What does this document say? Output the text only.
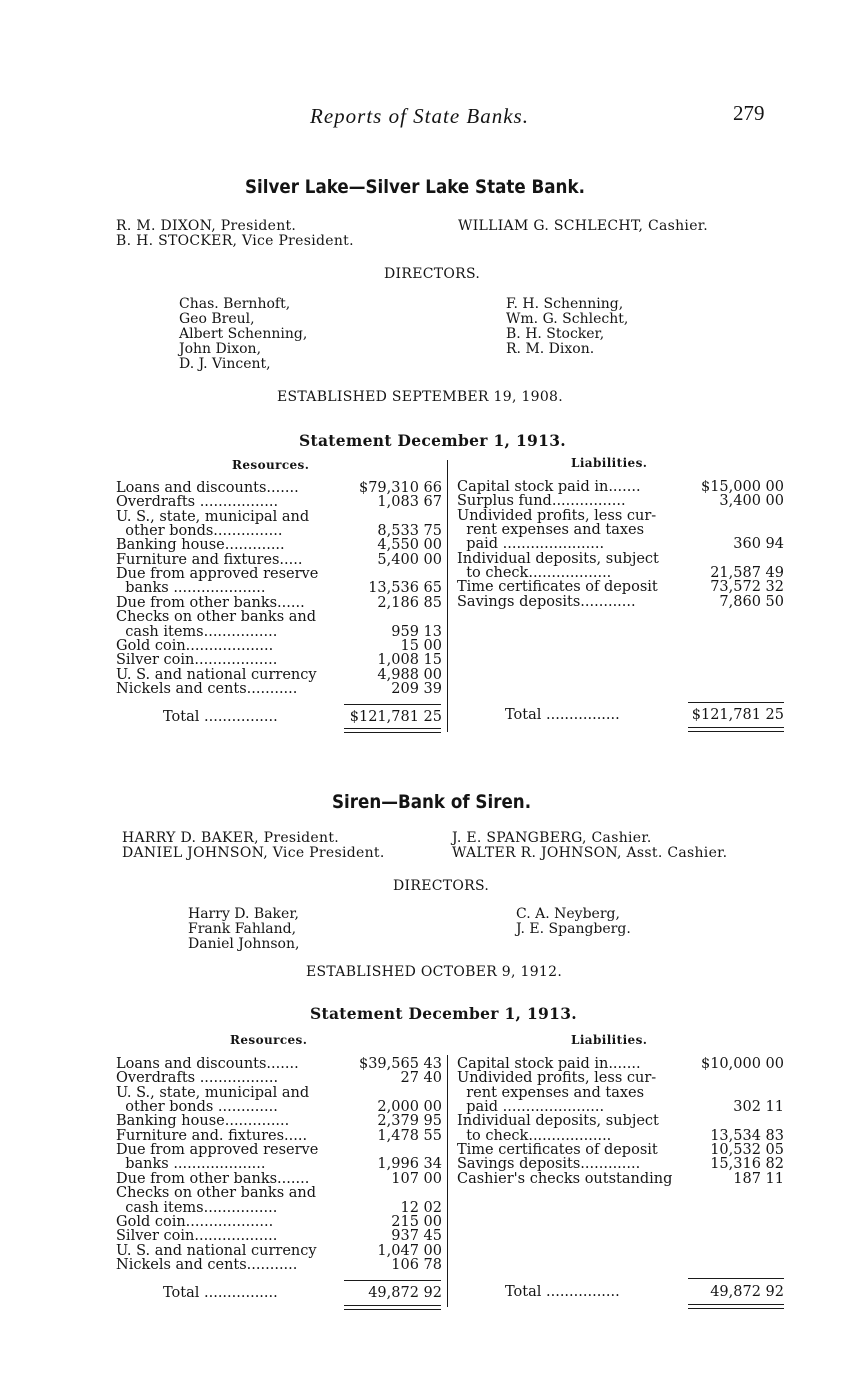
Reports of State Banks.	279
Silver Lake—Silver Lake State Bank.
R. M. DIXON, President.
B. H. STOCKER, Vice President.
WILLIAM G. SCHLECHT, Cashier.
DIRECTORS.
Chas. Bernhoft,
Geo Breul,
Albert Schenning,
John Dixon,
D. J. Vincent,
F. H. Schenning,
Wm. G. Schlecht,
B. H. Stocker,
R. M. Dixon.
ESTABLISHED SEPTEMBER 19, 1908.
Statement December 1, 1913.
Resources.	Liabilities.
Loans and discounts.......	$79,310 66
Overdrafts .................	1,083 67
U. S., state, municipal and
other bonds...............	8,533 75
Banking house.............	4,550 00
Furniture and fixtures.....	5,400 00
Due from approved reserve
banks ....................	13,536 65
Due from other banks......	2,186 85
Checks on other banks and
cash items................	959 13
Gold coin...................	15 00
Silver coin..................	1,008 15
U. S. and national currency	4,988 00
Nickels and cents...........	209 39
Capital stock paid in.......	$15,000 00
Surplus fund................	3,400 00
Undivided profits, less cur-
rent expenses and taxes
paid ......................	360 94
Individual deposits, subject
to check..................	21,587 49
Time certificates of deposit	73,572 32
Savings deposits............	7,860 50
Total ................	$121,781 25	Total ................	$121,781 25
Siren—Bank of Siren.
HARRY D. BAKER, President.
DANIEL JOHNSON, Vice President.
J. E. SPANGBERG, Cashier.
WALTER R. JOHNSON, Asst. Cashier.
DIRECTORS.
Harry D. Baker,
Frank Fahland,
Daniel Johnson,
C. A. Neyberg,
J. E. Spangberg.
ESTABLISHED OCTOBER 9, 1912.
Statement December 1, 1913.
Resources.	Liabilities.
Loans and discounts.......	$39,565 43
Overdrafts .................	27 40
U. S., state, municipal and
other bonds .............	2,000 00
Banking house..............	2,379 95
Furniture and. fixtures.....	1,478 55
Due from approved reserve
banks ....................	1,996 34
Due from other banks.......	107 00
Checks on other banks and
cash items................	12 02
Gold coin...................	215 00
Silver coin..................	937 45
U. S. and national currency	1,047 00
Nickels and cents...........	106 78
Capital stock paid in.......	$10,000 00
Undivided profits, less cur-
rent expenses and taxes
paid ......................	302 11
Individual deposits, subject
to check..................	13,534 83
Time certificates of deposit	10,532 05
Savings deposits.............	15,316 82
Cashier's checks outstanding	187 11
Total ................	49,872 92	Total ................	49,872 92
